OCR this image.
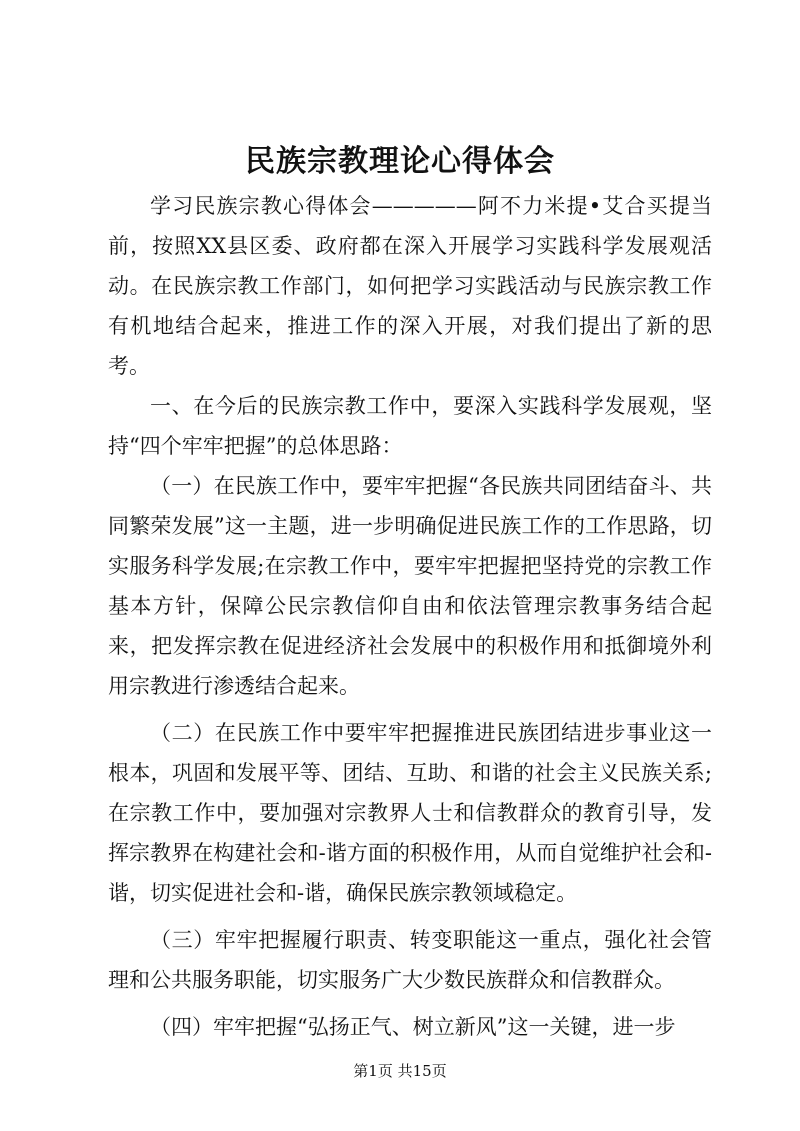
民族宗教理论心得体会

学习民族宗教心得体会—————阿不力米提•艾合买提当前，按照XX县区委、政府都在深入开展学习实践科学发展观活动。在民族宗教工作部门，如何把学习实践活动与民族宗教工作有机地结合起来，推进工作的深入开展，对我们提出了新的思考。

一、在今后的民族宗教工作中，要深入实践科学发展观，坚持“四个牢牢把握”的总体思路：

（一）在民族工作中，要牢牢把握“各民族共同团结奋斗、共同繁荣发展”这一主题，进一步明确促进民族工作的工作思路，切实服务科学发展;在宗教工作中，要牢牢把握把坚持党的宗教工作基本方针，保障公民宗教信仰自由和依法管理宗教事务结合起来，把发挥宗教在促进经济社会发展中的积极作用和抵御境外利用宗教进行渗透结合起来。

（二）在民族工作中要牢牢把握推进民族团结进步事业这一根本，巩固和发展平等、团结、互助、和谐的社会主义民族关系;在宗教工作中，要加强对宗教界人士和信教群众的教育引导，发挥宗教界在构建社会和-谐方面的积极作用，从而自觉维护社会和-谐，切实促进社会和-谐，确保民族宗教领域稳定。

（三）牢牢把握履行职责、转变职能这一重点，强化社会管理和公共服务职能，切实服务广大少数民族群众和信教群众。

（四）牢牢把握“弘扬正气、树立新风”这一关键，进一步

第1页 共15页
